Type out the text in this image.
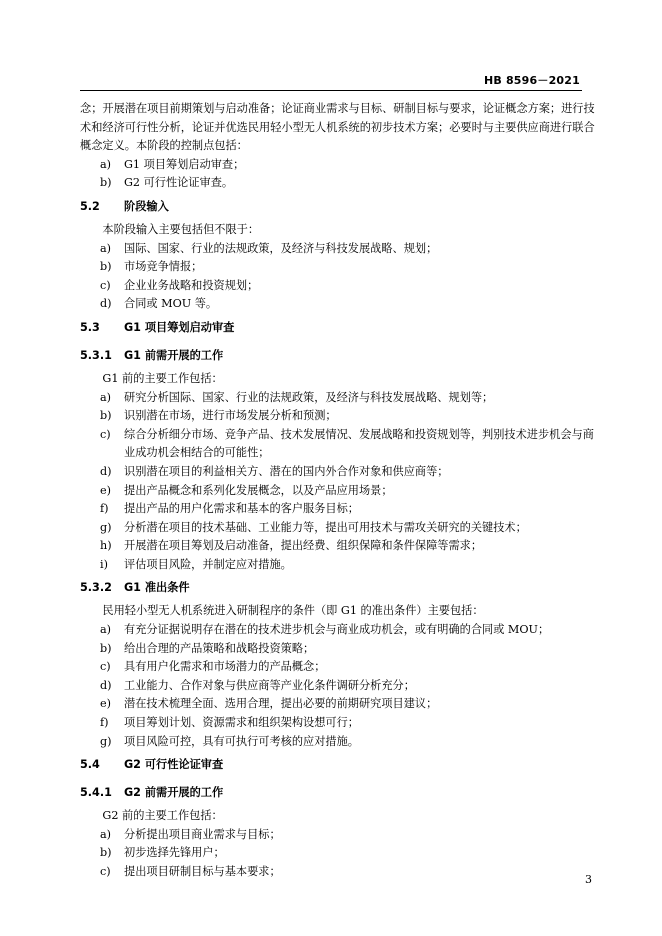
HB 8596－2021

念；开展潜在项目前期策划与启动准备；论证商业需求与目标、研制目标与要求，论证概念方案；进行技术和经济可行性分析，论证并优选民用轻小型无人机系统的初步技术方案；必要时与主要供应商进行联合概念定义。本阶段的控制点包括：

a) G1 项目筹划启动审查；
b) G2 可行性论证审查。
5.2 阶段输入

本阶段输入主要包括但不限于：

a) 国际、国家、行业的法规政策，及经济与科技发展战略、规划；
b) 市场竞争情报；
c) 企业业务战略和投资规划；
d) 合同或 MOU 等。
5.3 G1 项目筹划启动审查
5.3.1 G1 前需开展的工作

G1 前的主要工作包括：

a) 研究分析国际、国家、行业的法规政策，及经济与科技发展战略、规划等；
b) 识别潜在市场，进行市场发展分析和预测；
c) 综合分析细分市场、竞争产品、技术发展情况、发展战略和投资规划等，判别技术进步机会与商业成功机会相结合的可能性；
d) 识别潜在项目的利益相关方、潜在的国内外合作对象和供应商等；
e) 提出产品概念和系列化发展概念，以及产品应用场景；
f) 提出产品的用户化需求和基本的客户服务目标；
g) 分析潜在项目的技术基础、工业能力等，提出可用技术与需攻关研究的关键技术；
h) 开展潜在项目筹划及启动准备，提出经费、组织保障和条件保障等需求；
i) 评估项目风险，并制定应对措施。
5.3.2 G1 准出条件

民用轻小型无人机系统进入研制程序的条件（即 G1 的准出条件）主要包括：

a) 有充分证据说明存在潜在的技术进步机会与商业成功机会，或有明确的合同或 MOU；
b) 给出合理的产品策略和战略投资策略；
c) 具有用户化需求和市场潜力的产品概念；
d) 工业能力、合作对象与供应商等产业化条件调研分析充分；
e) 潜在技术梳理全面、选用合理，提出必要的前期研究项目建议；
f) 项目筹划计划、资源需求和组织架构设想可行；
g) 项目风险可控，具有可执行可考核的应对措施。
5.4 G2 可行性论证审查
5.4.1 G2 前需开展的工作

G2 前的主要工作包括：

a) 分析提出项目商业需求与目标；
b) 初步选择先锋用户；
c) 提出项目研制目标与基本要求；
3
